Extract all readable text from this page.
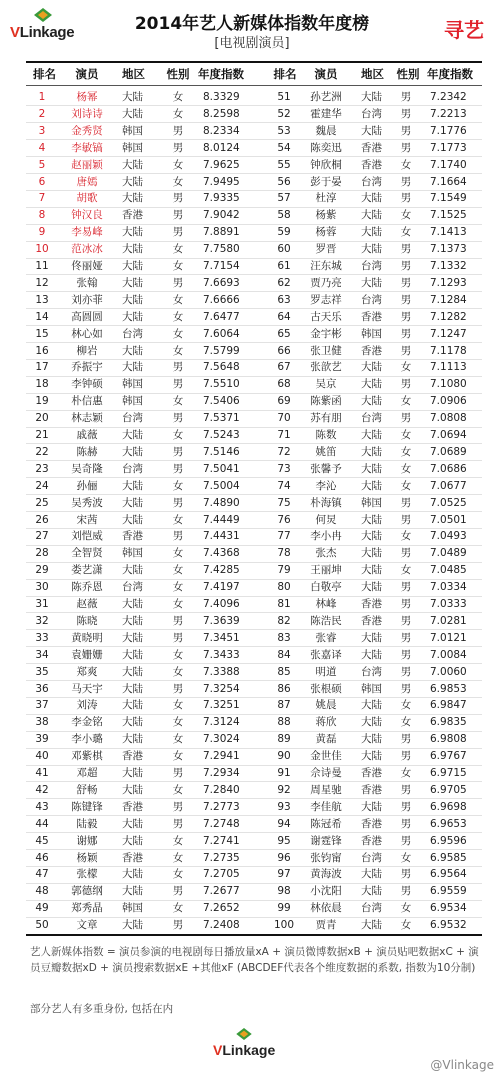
VLinkage	2014年艺人新媒体指数年度榜
[电视剧演员]
寻艺
排名	演员	地区	性别 年度指数	排名	演员	地区	性别 年度指数
1	杨幂	大陆	女 8.3329	51	孙艺洲	大陆	男 7.2342
2	刘诗诗	大陆	女 8.2598	52	霍建华	台湾	男 7.2213
3	金秀贤	韩国	男 8.2334	53	魏晨	大陆	男 7.1776
4	李敏镐	韩国	男 8.0124	54	陈奕迅	香港	男 7.1773
5	赵丽颖	大陆	女 7.9625	55	钟欣桐	香港	女 7.1740
6	唐嫣	大陆	女 7.9495	56	彭于晏	台湾	男 7.1664
7	胡歌	大陆	男 7.9335	57	杜淳	大陆	男 7.1549
8	钟汉良	香港	男 7.9042	58	杨紫	大陆	女 7.1525
9	李易峰	大陆	男 7.8891	59	杨蓉	大陆	女 7.1413
10	范冰冰	大陆	女 7.7580	60	罗晋	大陆	男 7.1373
11	佟丽娅	大陆	女 7.7154	61	汪东城	台湾	男 7.1332
12	张翰	大陆	男 7.6693	62	贾乃亮	大陆	男 7.1293
13	刘亦菲	大陆	女 7.6666	63	罗志祥	台湾	男 7.1284
14	高圆圆	大陆	女 7.6477	64	古天乐	香港	男 7.1282
15	林心如	台湾	女 7.6064	65	金宇彬	韩国	男 7.1247
16	柳岩	大陆	女 7.5799	66	张卫健	香港	男 7.1178
17	乔振宇	大陆	男 7.5648	67	张歆艺	大陆	女 7.1113
18	李钟硕	韩国	男 7.5510	68	吴京	大陆	男 7.1080
19	朴信惠	韩国	女 7.5406	69	陈紫函	大陆	女 7.0906
20	林志颖	台湾	男 7.5371	70	苏有朋	台湾	男 7.0808
21	戚薇	大陆	女 7.5243	71	陈数	大陆	女 7.0694
22	陈赫	大陆	男 7.5146	72	姚笛	大陆	女 7.0689
23	吴奇隆	台湾	男 7.5041	73	张馨予	大陆	女 7.0686
24	孙俪	大陆	女 7.5004	74	李沁	大陆	女 7.0677
25	吴秀波	大陆	男 7.4890	75	朴海镇	韩国	男 7.0525
26	宋茜	大陆	女 7.4449	76	何炅	大陆	男 7.0501
27	刘恺威	香港	男 7.4431	77	李小冉	大陆	女 7.0493
28	全智贤	韩国	女 7.4368	78	张杰	大陆	男 7.0489
29	娄艺潇	大陆	女 7.4285	79	王丽坤	大陆	女 7.0485
30	陈乔恩	台湾	女 7.4197	80	白敬亭	大陆	男 7.0334
31	赵薇	大陆	女 7.4096	81	林峰	香港	男 7.0333
32	陈晓	大陆	男 7.3639	82	陈浩民	香港	男 7.0281
33	黄晓明	大陆	男 7.3451	83	张睿	大陆	男 7.0121
34	袁姗姗	大陆	女 7.3433	84	张嘉译	大陆	男 7.0084
35	郑爽	大陆	女 7.3388	85	明道	台湾	男 7.0060
36	马天宇	大陆	男 7.3254	86	张根硕	韩国	男 6.9853
37	刘涛	大陆	女 7.3251	87	姚晨	大陆	女 6.9847
38	李金铭	大陆	女 7.3124	88	蒋欣	大陆	女 6.9835
39	李小璐	大陆	女 7.3024	89	黄磊	大陆	男 6.9808
40	邓紫棋	香港	女 7.2941	90	金世佳	大陆	男 6.9767
41	邓超	大陆	男 7.2934	91	佘诗曼	香港	女 6.9715
42	舒畅	大陆	女 7.2840	92	周星驰	香港	男 6.9705
43	陈键锋	香港	男 7.2773	93	李佳航	大陆	男 6.9698
44	陆毅	大陆	男 7.2748	94	陈冠希	香港	男 6.9653
45	谢娜	大陆	女 7.2741	95	谢霆锋	香港	男 6.9596
46	杨颖	香港	女 7.2735	96	张钧甯	台湾	女 6.9585
47	张檬	大陆	女 7.2705	97	黄海波	大陆	男 6.9564
48	郭德纲	大陆	男 7.2677	98	小沈阳	大陆	男 6.9559
49	郑秀晶	韩国	女 7.2652	99	林依晨	台湾	女 6.9534
50	文章	大陆	男 7.2408	100	贾青	大陆	女 6.9532
艺人新媒体指数 = 演员参演的电视剧每日播放量xA + 演员微博数据xB + 演员贴吧数据xC + 演员豆瓣数据xD + 演员搜索数据xE +其他xF (ABCDEF代表各个维度数据的系数, 指数为10分制)
部分艺人有多重身份, 包括在内
VLinkage
@Vlinkage
